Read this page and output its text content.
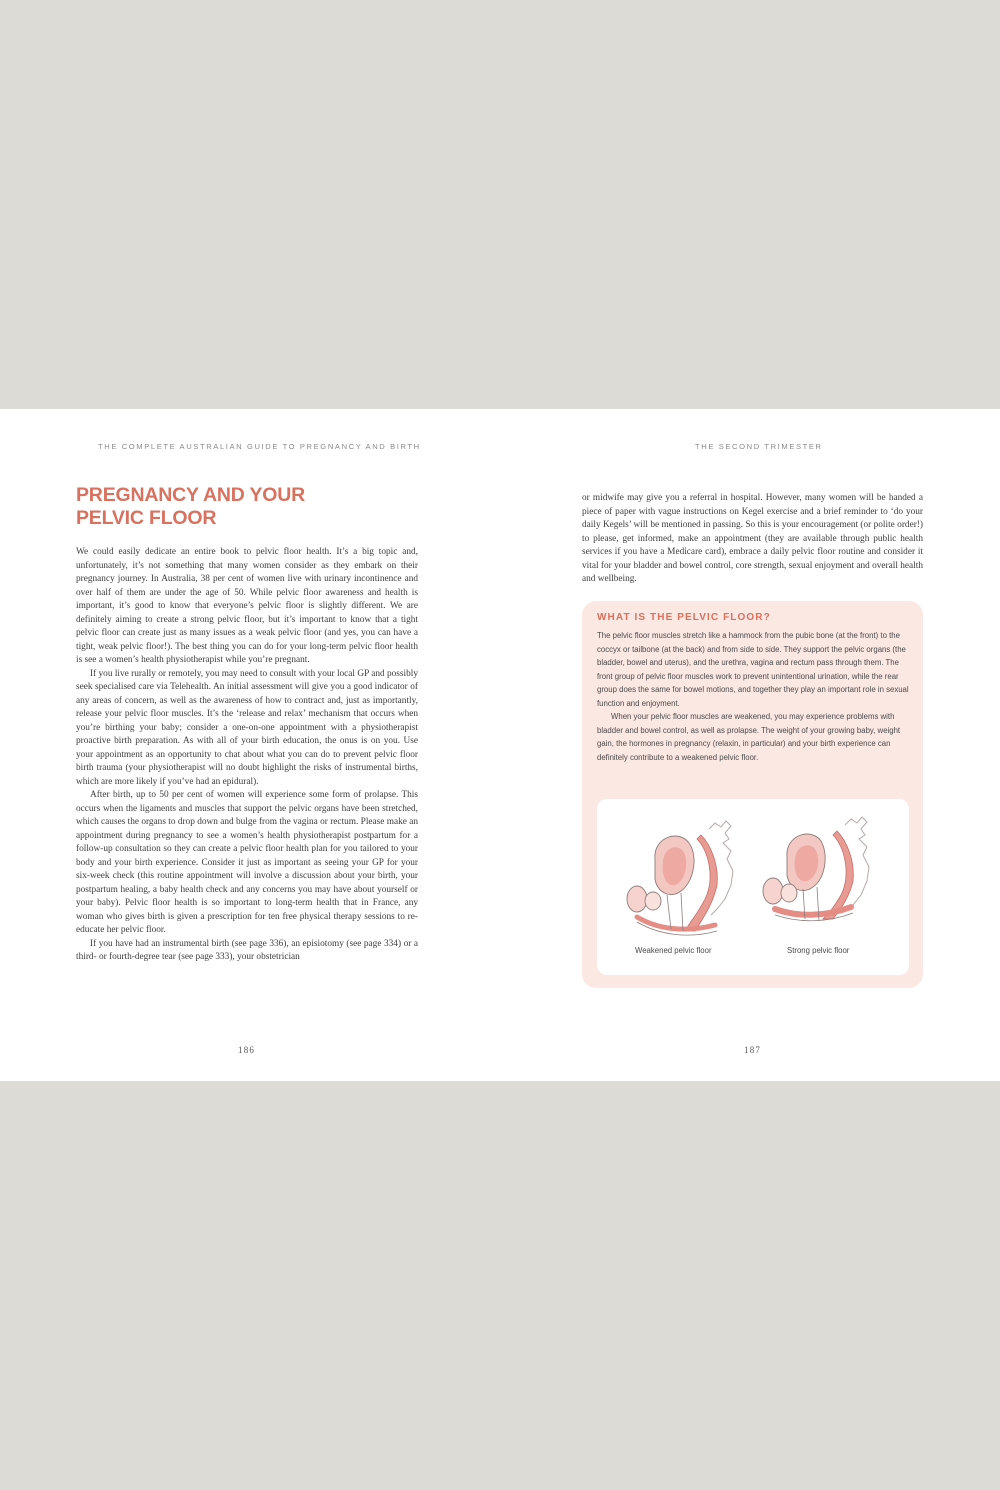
THE COMPLETE AUSTRALIAN GUIDE TO PREGNANCY AND BIRTH	THE SECOND TRIMESTER
PREGNANCY AND YOUR
PELVIC FLOOR

We could easily dedicate an entire book to pelvic floor health. It’s a big topic and, unfortunately, it’s not something that many women consider as they embark on their pregnancy journey. In Australia, 38 per cent of women live with urinary incontinence and over half of them are under the age of 50. While pelvic floor awareness and health is important, it’s good to know that everyone’s pelvic floor is slightly different. We are definitely aiming to create a strong pelvic floor, but it’s important to know that a tight pelvic floor can create just as many issues as a weak pelvic floor (and yes, you can have a tight, weak pelvic floor!). The best thing you can do for your long-term pelvic floor health is see a women’s health physiotherapist while you’re pregnant.

If you live rurally or remotely, you may need to consult with your local GP and possibly seek specialised care via Telehealth. An initial assessment will give you a good indicator of any areas of concern, as well as the awareness of how to contract and, just as importantly, release your pelvic floor muscles. It’s the ‘release and relax’ mechanism that occurs when you’re birthing your baby; consider a one-on-one appointment with a physiotherapist proactive birth preparation. As with all of your birth education, the onus is on you. Use your appointment as an opportunity to chat about what you can do to prevent pelvic floor birth trauma (your physiotherapist will no doubt highlight the risks of instrumental births, which are more likely if you’ve had an epidural).

After birth, up to 50 per cent of women will experience some form of prolapse. This occurs when the ligaments and muscles that support the pelvic organs have been stretched, which causes the organs to drop down and bulge from the vagina or rectum. Please make an appointment during pregnancy to see a women’s health physiotherapist postpartum for a follow-up consultation so they can create a pelvic floor health plan for you tailored to your body and your birth experience. Consider it just as important as seeing your GP for your six-week check (this routine appointment will involve a discussion about your birth, your postpartum healing, a baby health check and any concerns you may have about yourself or your baby). Pelvic floor health is so important to long-term health that in France, any woman who gives birth is given a prescription for ten free physical therapy sessions to re-educate her pelvic floor.

If you have had an instrumental birth (see page 336), an episiotomy (see page 334) or a third- or fourth-degree tear (see page 333), your obstetrician

or midwife may give you a referral in hospital. However, many women will be handed a piece of paper with vague instructions on Kegel exercise and a brief reminder to ‘do your daily Kegels’ will be mentioned in passing. So this is your encouragement (or polite order!) to please, get informed, make an appointment (they are available through public health services if you have a Medicare card), embrace a daily pelvic floor routine and consider it vital for your bladder and bowel control, core strength, sexual enjoyment and overall health and wellbeing.

WHAT IS THE PELVIC FLOOR?

The pelvic floor muscles stretch like a hammock from the pubic bone (at the front) to the coccyx or tailbone (at the back) and from side to side. They support the pelvic organs (the bladder, bowel and uterus), and the urethra, vagina and rectum pass through them. The front group of pelvic floor muscles work to prevent unintentional urination, while the rear group does the same for bowel motions, and together they play an important role in sexual function and enjoyment.

When your pelvic floor muscles are weakened, you may experience problems with bladder and bowel control, as well as prolapse. The weight of your growing baby, weight gain, the hormones in pregnancy (relaxin, in particular) and your birth experience can definitely contribute to a weakened pelvic floor.

Weakened pelvic floor	Strong pelvic floor
186	187
